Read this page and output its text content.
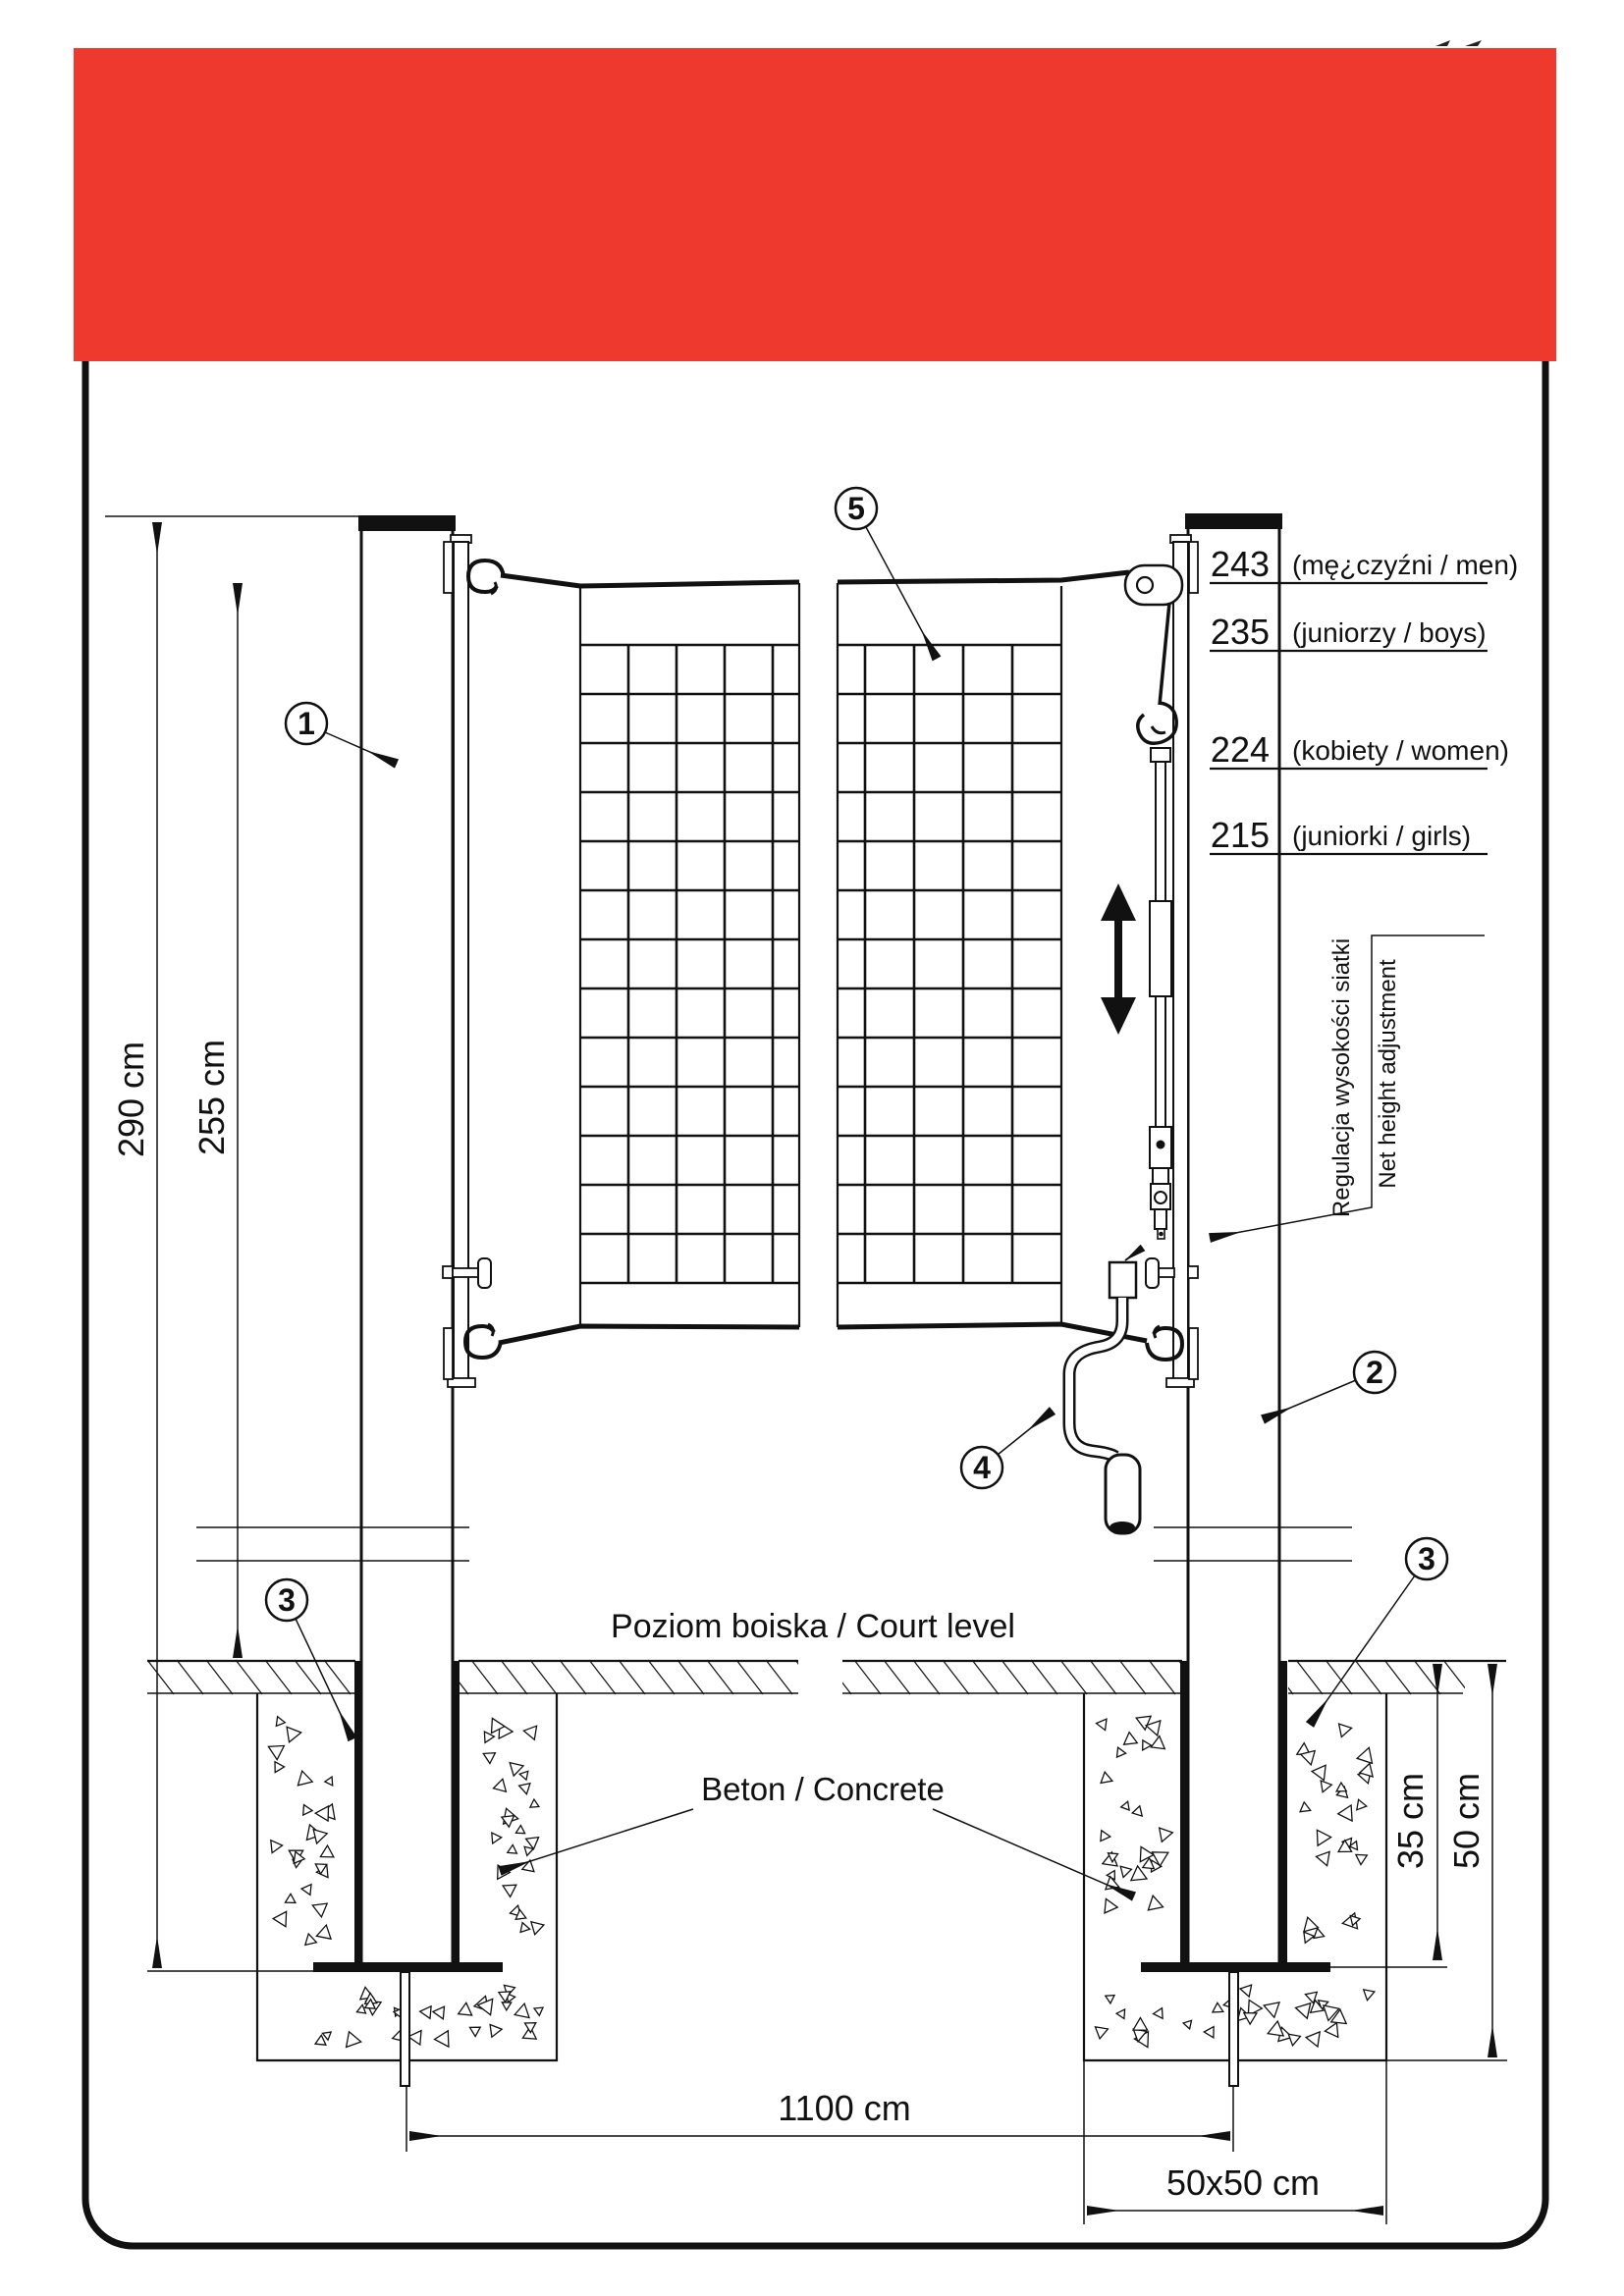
290 cm 255 cm
243
235
224
215
(mę¿czyźni / men)
(juniorzy / boys)
(kobiety / women)
(juniorki / girls)
Poziom boiska / Court level
Beton / Concrete
Regulacja wysokości siatki Net height adjustment
35 cm 50 cm
1100 cm
50x50 cm
1
2
3
3
4
5
